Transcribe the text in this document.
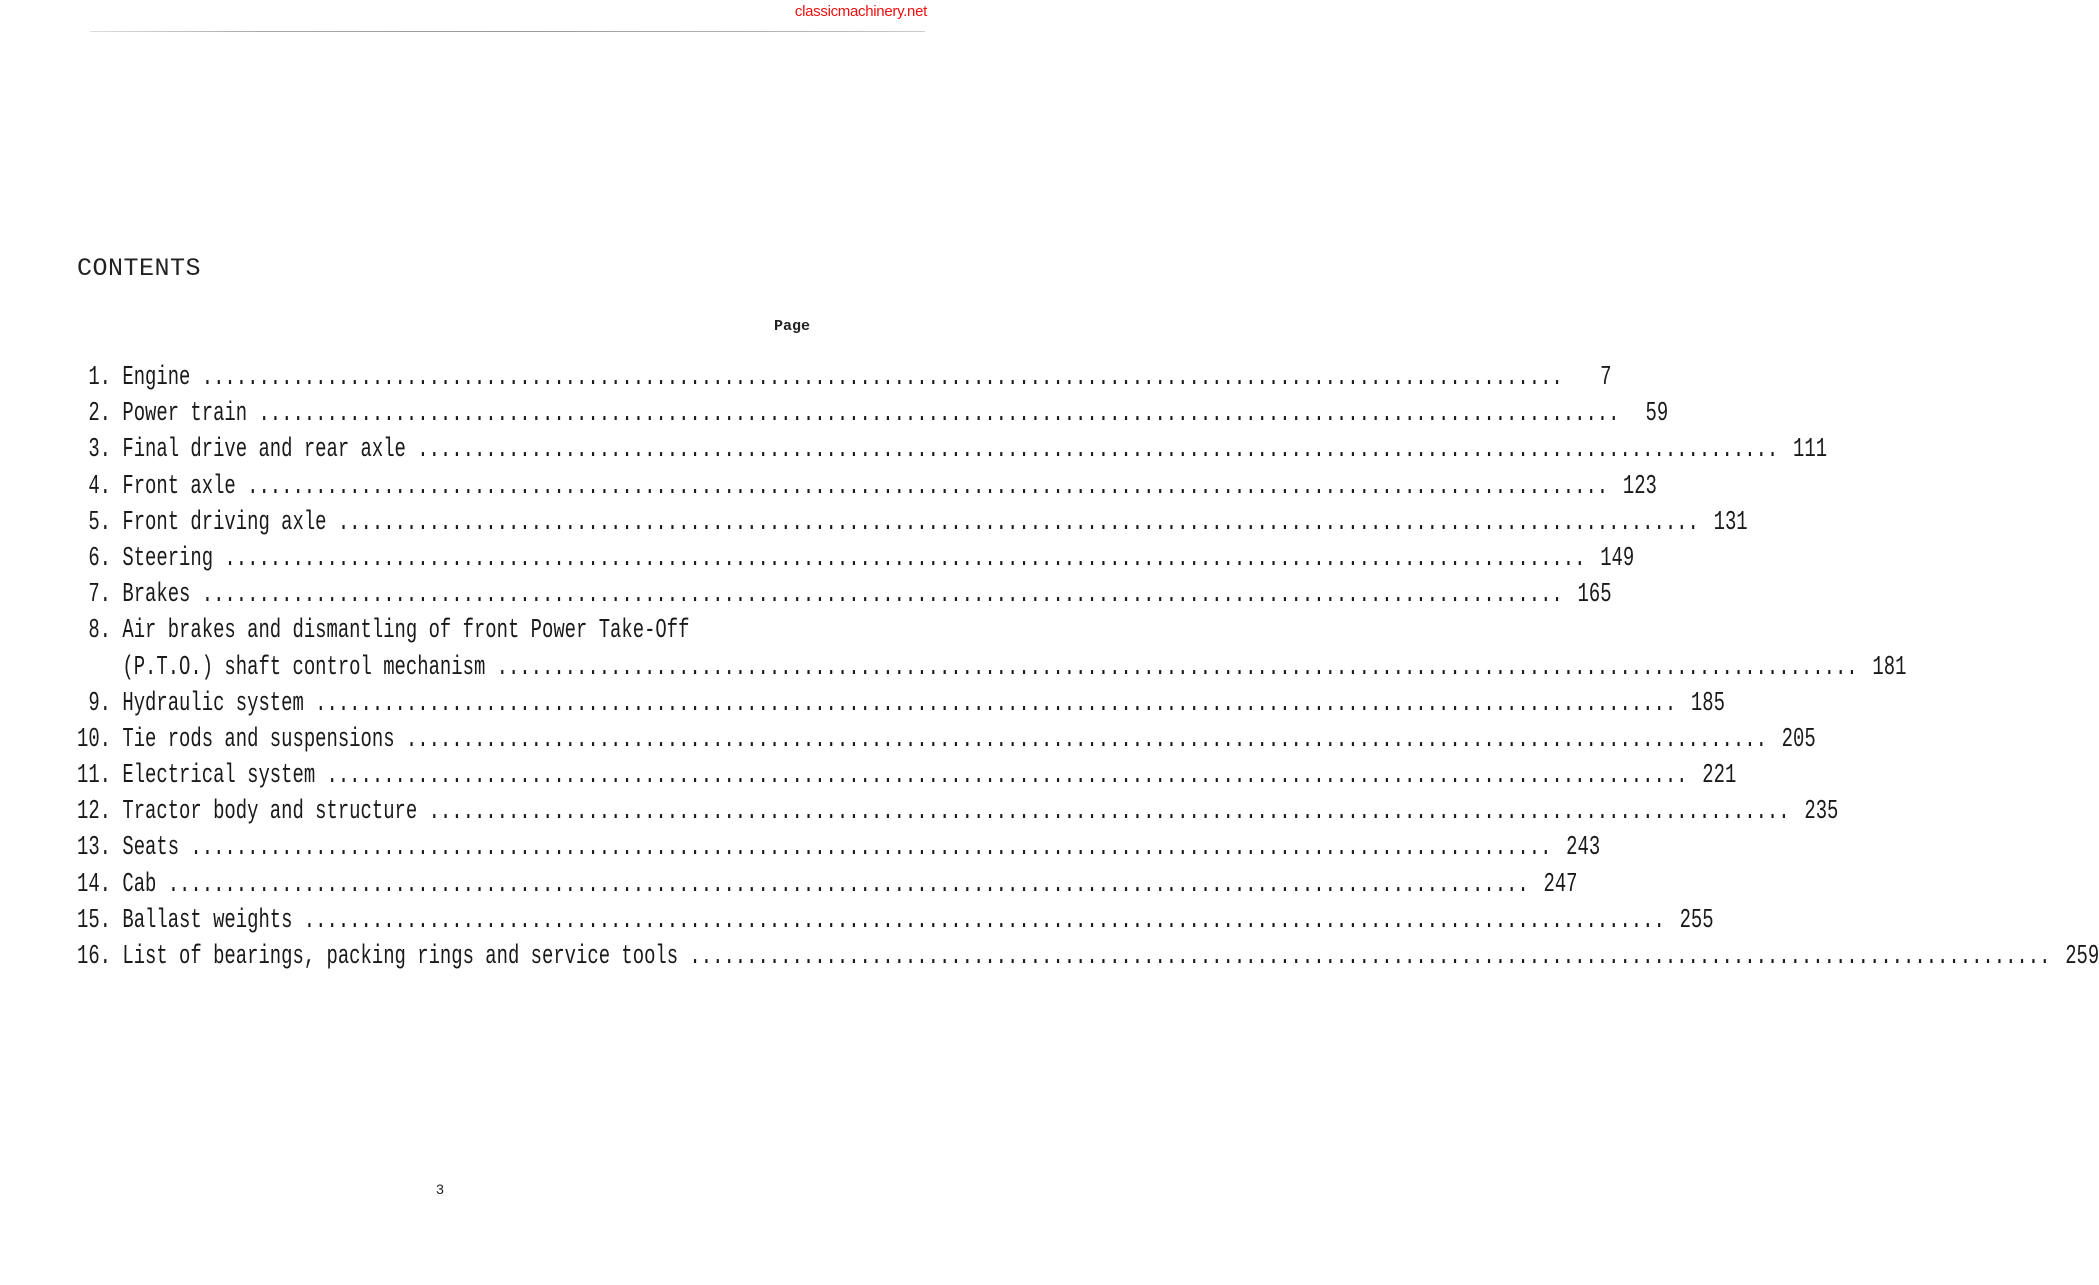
classicmachinery.net
CONTENTS
Page
1. Engine ........................................................................................................................	7
2. Power train ........................................................................................................................ 59
3. Final drive and rear axle ........................................................................................................................ 111
4. Front axle ........................................................................................................................ 123
5. Front driving axle ........................................................................................................................ 131
6. Steering ........................................................................................................................ 149
7. Brakes ........................................................................................................................ 165
8. Air brakes and dismantling of front Power Take-Off
(P.T.O.) shaft control mechanism ........................................................................................................................ 181
9. Hydraulic system ........................................................................................................................ 185
10. Tie rods and suspensions ........................................................................................................................ 205
11. Electrical system ........................................................................................................................ 221
12. Tractor body and structure ........................................................................................................................ 235
13. Seats ........................................................................................................................ 243
14. Cab ........................................................................................................................ 247
15. Ballast weights ........................................................................................................................ 255
16. List of bearings, packing rings and service tools ........................................................................................................................ 259
3
